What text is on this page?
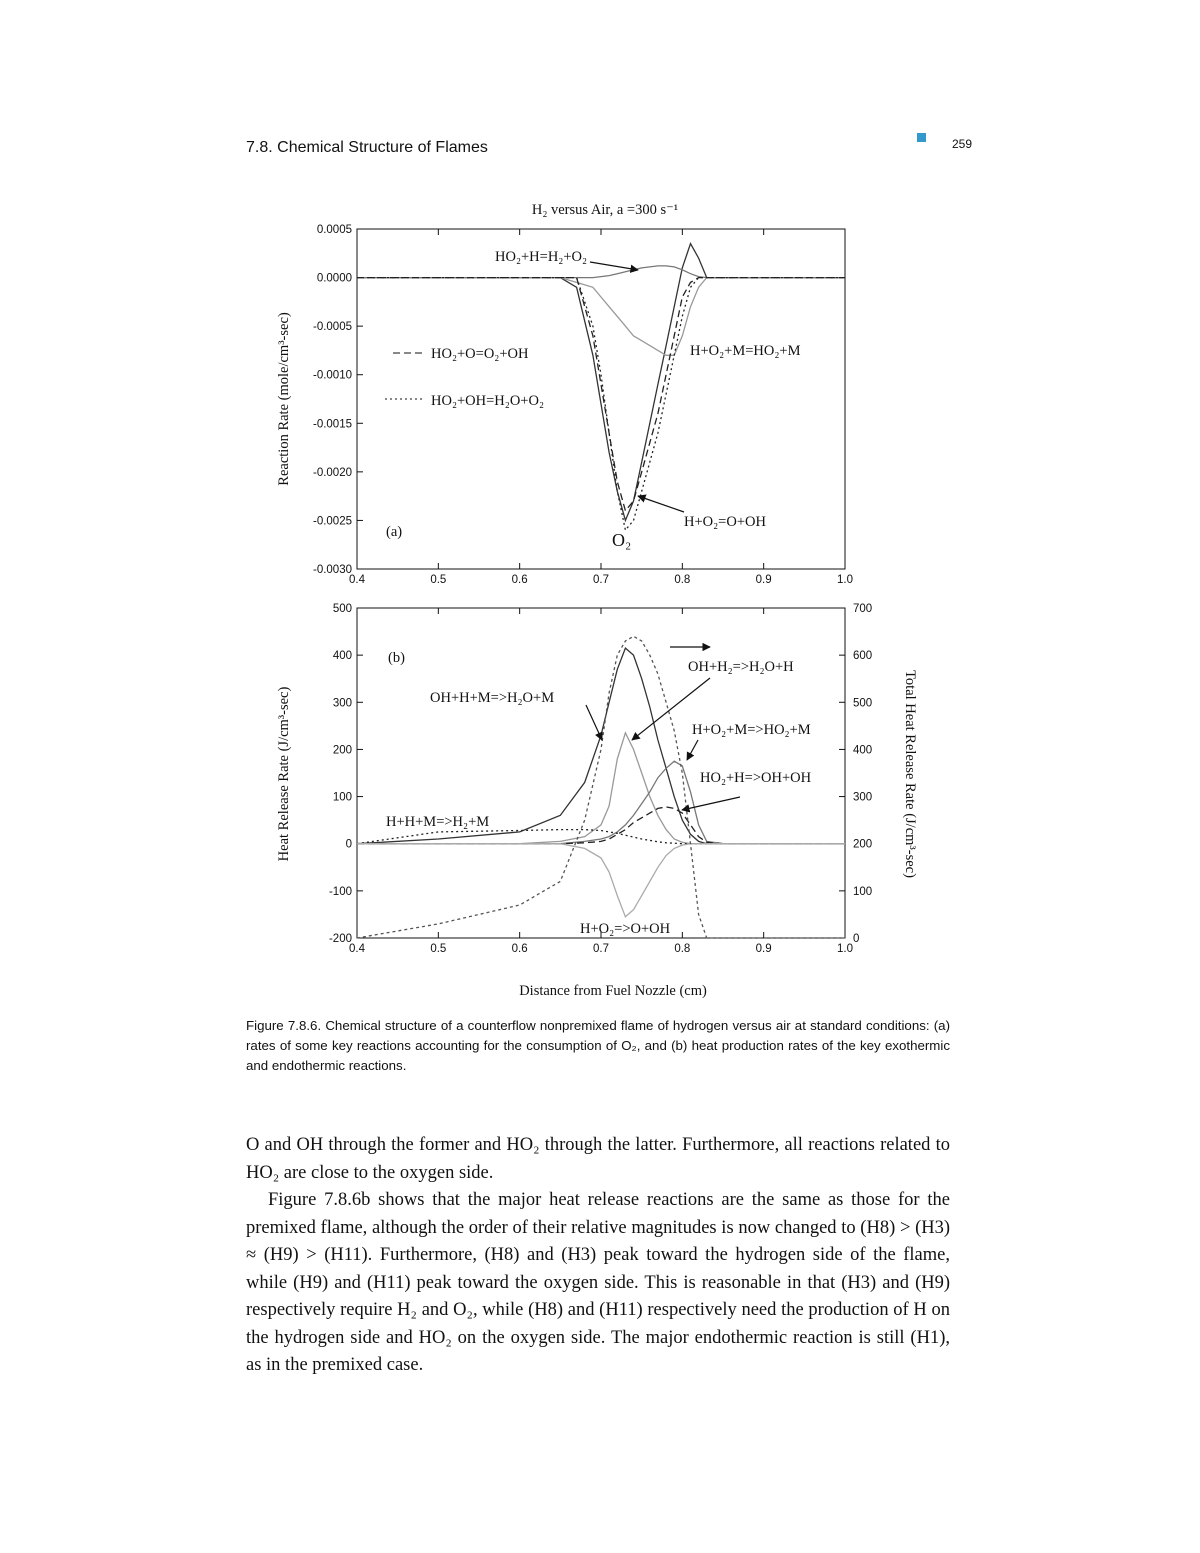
7.8. Chemical Structure of Flames	259
H₂ versus Air, a =300 s⁻¹
0.0005
0.0000
-0.0005
-0.0010
-0.0015
-0.0020
-0.0025
-0.0030
0.4	0.5	0.6	0.7	0.8	0.9	1.0
Reaction Rate (mole/cm³-sec)
(a)
HO₂+H=H₂+O₂
H+O₂+M=HO₂+M
H+O₂=O+OH
O₂
HO₂+O=O₂+OH
HO₂+OH=H₂O+O₂
500
400
300
200
100
0
-100
-200
700
600
500
400
300
200
100
0
0.4	0.5	0.6	0.7	0.8	0.9	1.0
Heat Release Rate (J/cm³-sec)	Total Heat Release Rate (J/cm³-sec)
(b)
OH+H₂=>H₂O+H
OH+H+M=>H₂O+M
H+O₂+M=>HO₂+M
HO₂+H=>OH+OH
H+H+M=>H₂+M
H+O₂=>O+OH
Distance from Fuel Nozzle (cm)
Figure 7.8.6. Chemical structure of a counterflow nonpremixed flame of hydrogen versus air at standard conditions: (a) rates of some key reactions accounting for the consumption of O₂, and (b) heat production rates of the key exothermic and endothermic reactions.

O and OH through the former and HO₂ through the latter. Furthermore, all reactions related to HO₂ are close to the oxygen side.

Figure 7.8.6b shows that the major heat release reactions are the same as those for the premixed flame, although the order of their relative magnitudes is now changed to (H8) > (H3) ≈ (H9) > (H11). Furthermore, (H8) and (H3) peak toward the hydrogen side of the flame, while (H9) and (H11) peak toward the oxygen side. This is reasonable in that (H3) and (H9) respectively require H₂ and O₂, while (H8) and (H11) respectively need the production of H on the hydrogen side and HO₂ on the oxygen side. The major endothermic reaction is still (H1), as in the premixed case.
